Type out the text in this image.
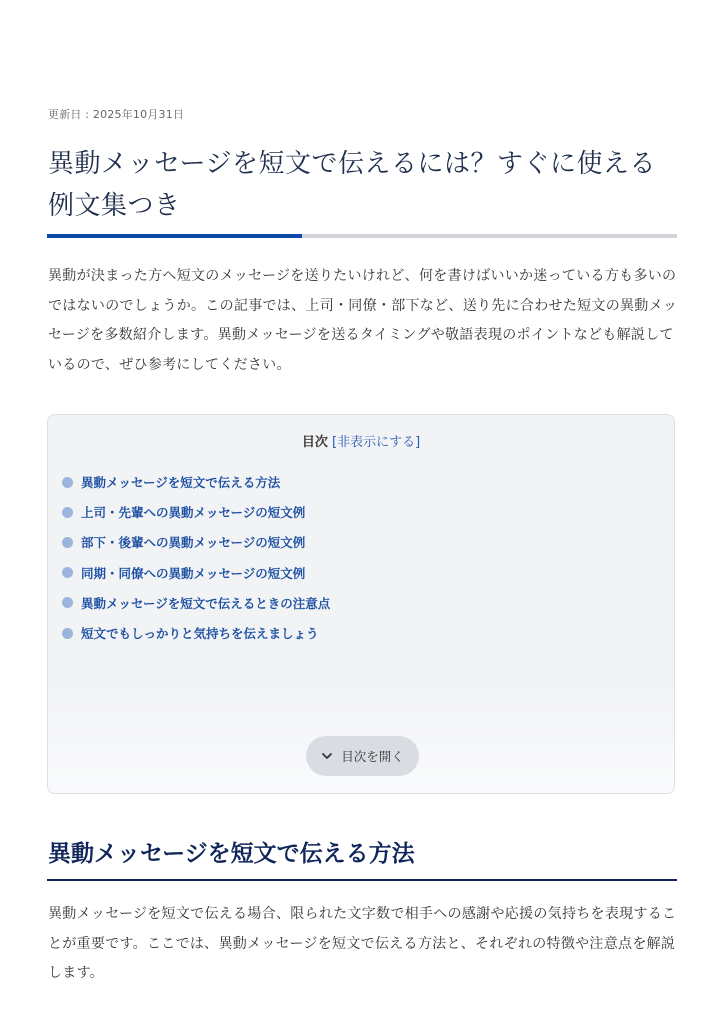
更新日 : 2025年10月31日
異動メッセージを短文で伝えるには？すぐに使える例文集つき

異動が決まった方へ短文のメッセージを送りたいけれど、何を書けばいいか迷っている方も多いのではないのでしょうか。この記事では、上司・同僚・部下など、送り先に合わせた短文の異動メッセージを多数紹介します。異動メッセージを送るタイミングや敬語表現のポイントなども解説しているので、ぜひ参考にしてください。

目次 [非表示にする]
異動メッセージを短文で伝える方法
上司・先輩への異動メッセージの短文例
部下・後輩への異動メッセージの短文例
同期・同僚への異動メッセージの短文例
異動メッセージを短文で伝えるときの注意点
短文でもしっかりと気持ちを伝えましょう
目次を開く
異動メッセージを短文で伝える方法

異動メッセージを短文で伝える場合、限られた文字数で相手への感謝や応援の気持ちを表現することが重要です。ここでは、異動メッセージを短文で伝える方法と、それぞれの特徴や注意点を解説します。
